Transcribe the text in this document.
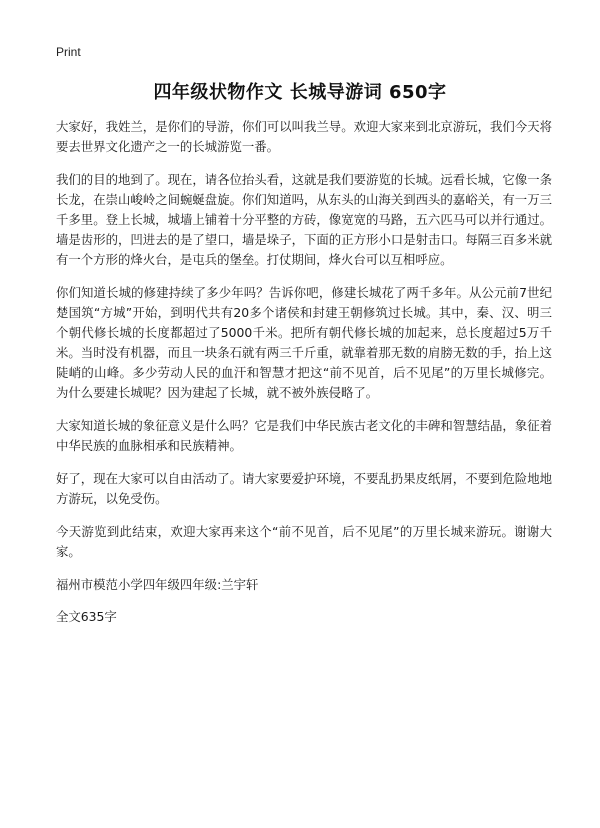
Print
四年级状物作文 长城导游词 650字

大家好，我姓兰，是你们的导游，你们可以叫我兰导。欢迎大家来到北京游玩，我们今天将要去世界文化遗产之一的长城游览一番。

我们的目的地到了。现在，请各位抬头看，这就是我们要游览的长城。远看长城，它像一条长龙，在崇山峻岭之间蜿蜒盘旋。你们知道吗，从东头的山海关到西头的嘉峪关，有一万三千多里。登上长城，城墙上铺着十分平整的方砖，像宽宽的马路，五六匹马可以并行通过。墙是齿形的，凹进去的是了望口，墙是垛子，下面的正方形小口是射击口。每隔三百多米就有一个方形的烽火台，是屯兵的堡垒。打仗期间，烽火台可以互相呼应。

你们知道长城的修建持续了多少年吗？告诉你吧，修建长城花了两千多年。从公元前7世纪楚国筑“方城”开始，到明代共有20多个诸侯和封建王朝修筑过长城。其中，秦、汉、明三个朝代修长城的长度都超过了5000千米。把所有朝代修长城的加起来，总长度超过5万千米。当时没有机器，而且一块条石就有两三千斤重，就靠着那无数的肩膀无数的手，抬上这陡峭的山峰。多少劳动人民的血汗和智慧才把这“前不见首，后不见尾”的万里长城修完。为什么要建长城呢？因为建起了长城，就不被外族侵略了。

大家知道长城的象征意义是什么吗？它是我们中华民族古老文化的丰碑和智慧结晶，象征着中华民族的血脉相承和民族精神。

好了，现在大家可以自由活动了。请大家要爱护环境，不要乱扔果皮纸屑，不要到危险地地方游玩，以免受伤。

今天游览到此结束，欢迎大家再来这个“前不见首，后不见尾”的万里长城来游玩。谢谢大家。

福州市模范小学四年级四年级:兰宇轩

全文635字
